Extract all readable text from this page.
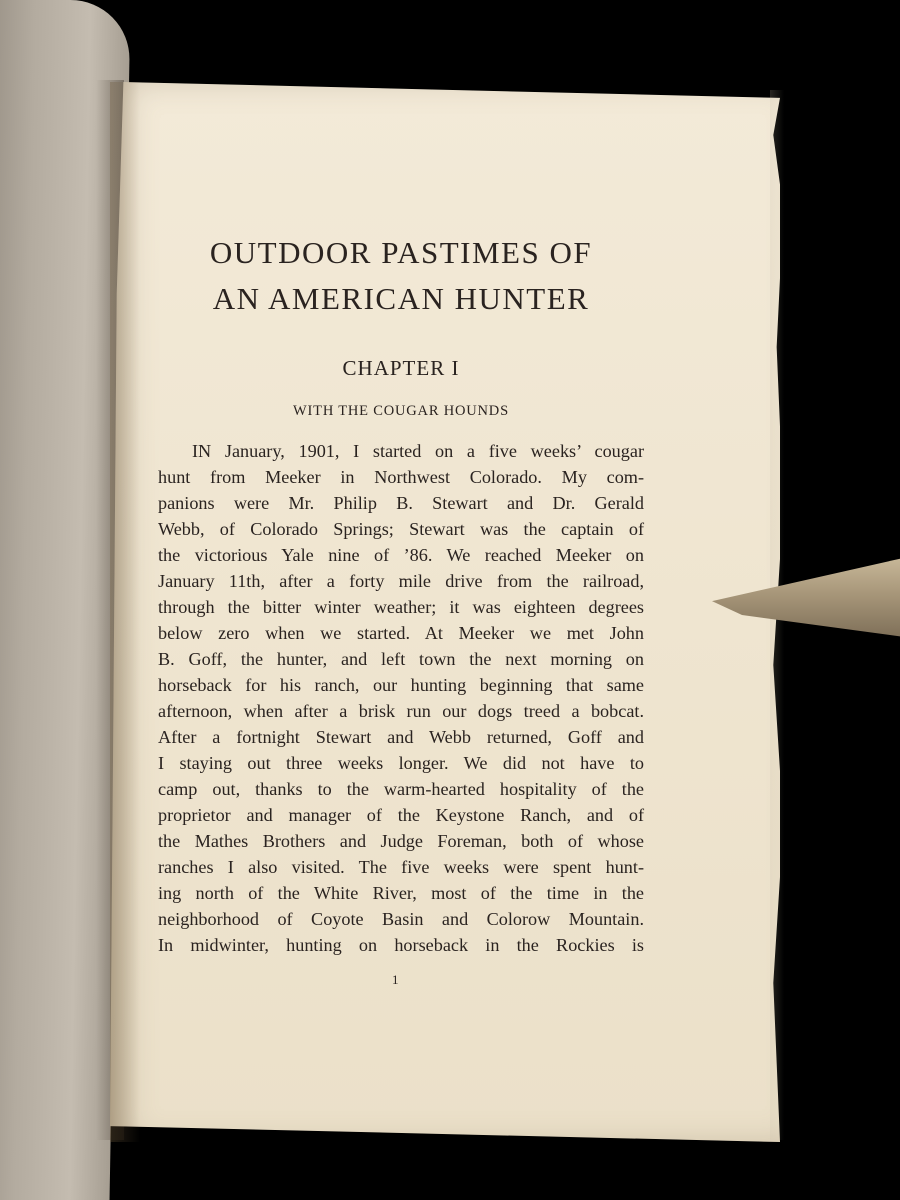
OUTDOOR PASTIMES OF
AN AMERICAN HUNTER
CHAPTER I
WITH THE COUGAR HOUNDS
IN January, 1901, I started on a five weeks’ cougar
hunt from Meeker in Northwest Colorado. My com-
panions were Mr. Philip B. Stewart and Dr. Gerald
Webb, of Colorado Springs; Stewart was the captain of
the victorious Yale nine of ’86. We reached Meeker on
January 11th, after a forty mile drive from the railroad,
through the bitter winter weather; it was eighteen degrees
below zero when we started. At Meeker we met John
B. Goff, the hunter, and left town the next morning on
horseback for his ranch, our hunting beginning that same
afternoon, when after a brisk run our dogs treed a bobcat.
After a fortnight Stewart and Webb returned, Goff and
I staying out three weeks longer. We did not have to
camp out, thanks to the warm-hearted hospitality of the
proprietor and manager of the Keystone Ranch, and of
the Mathes Brothers and Judge Foreman, both of whose
ranches I also visited. The five weeks were spent hunt-
ing north of the White River, most of the time in the
neighborhood of Coyote Basin and Colorow Mountain.
In midwinter, hunting on horseback in the Rockies is
1
